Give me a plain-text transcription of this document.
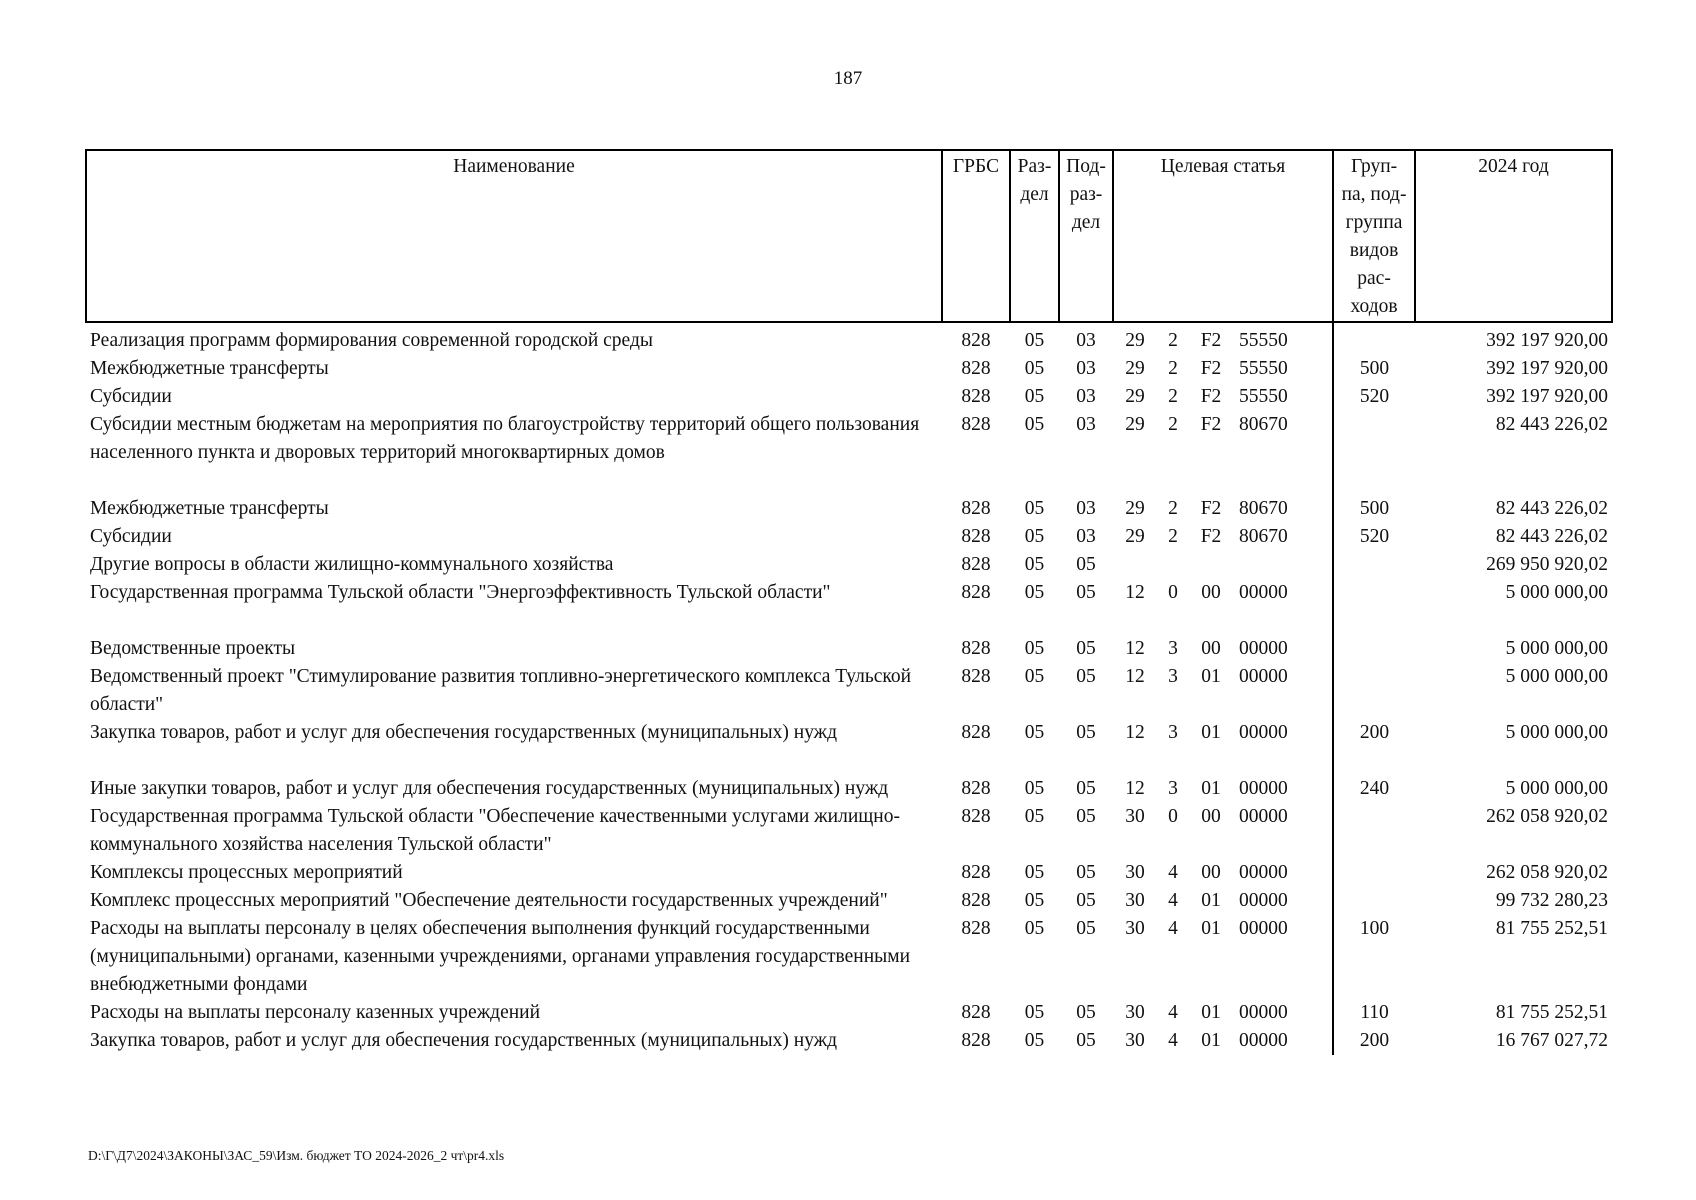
187
Наименование	ГРБС	Раз- дел	Под- раз- дел	Целевая статья					Груп- па, под- группа видов рас- ходов	2024 год
Реализация программ формирования современной городской среды	828	05	03	29	2	F2	55550			392 197 920,00
Межбюджетные трансферты	828	05	03	29	2	F2	55550		500	392 197 920,00
Субсидии	828	05	03	29	2	F2	55550		520	392 197 920,00
Субсидии местным бюджетам на мероприятия по благоустройству территорий общего пользования населенного пункта и дворовых территорий многоквартирных домов	828	05	03	29	2	F2	80670			82 443 226,02
Межбюджетные трансферты	828	05	03	29	2	F2	80670		500	82 443 226,02
Субсидии	828	05	03	29	2	F2	80670		520	82 443 226,02
Другие вопросы в области жилищно-коммунального хозяйства	828	05	05							269 950 920,02
Государственная программа Тульской области "Энергоэффективность Тульской области"	828	05	05	12	0	00	00000			5 000 000,00
Ведомственные проекты	828	05	05	12	3	00	00000			5 000 000,00
Ведомственный проект "Стимулирование развития топливно-энергетического комплекса Тульской области"	828	05	05	12	3	01	00000			5 000 000,00
Закупка товаров, работ и услуг для обеспечения государственных (муниципальных) нужд	828	05	05	12	3	01	00000		200	5 000 000,00
Иные закупки товаров, работ и услуг для обеспечения государственных (муниципальных) нужд	828	05	05	12	3	01	00000		240	5 000 000,00
Государственная программа Тульской области "Обеспечение качественными услугами жилищно-коммунального хозяйства населения Тульской области"	828	05	05	30	0	00	00000			262 058 920,02
Комплексы процессных мероприятий	828	05	05	30	4	00	00000			262 058 920,02
Комплекс процессных мероприятий "Обеспечение деятельности государственных учреждений"	828	05	05	30	4	01	00000			99 732 280,23
Расходы на выплаты персоналу в целях обеспечения выполнения функций государственными (муниципальными) органами, казенными учреждениями, органами управления государственными внебюджетными фондами	828	05	05	30	4	01	00000		100	81 755 252,51
Расходы на выплаты персоналу казенных учреждений	828	05	05	30	4	01	00000		110	81 755 252,51
Закупка товаров, работ и услуг для обеспечения государственных (муниципальных) нужд	828	05	05	30	4	01	00000		200	16 767 027,72
D:\Г\Д7\2024\ЗАКОНЫ\ЗАС_59\Изм. бюджет ТО 2024-2026_2 чт\pr4.xls
